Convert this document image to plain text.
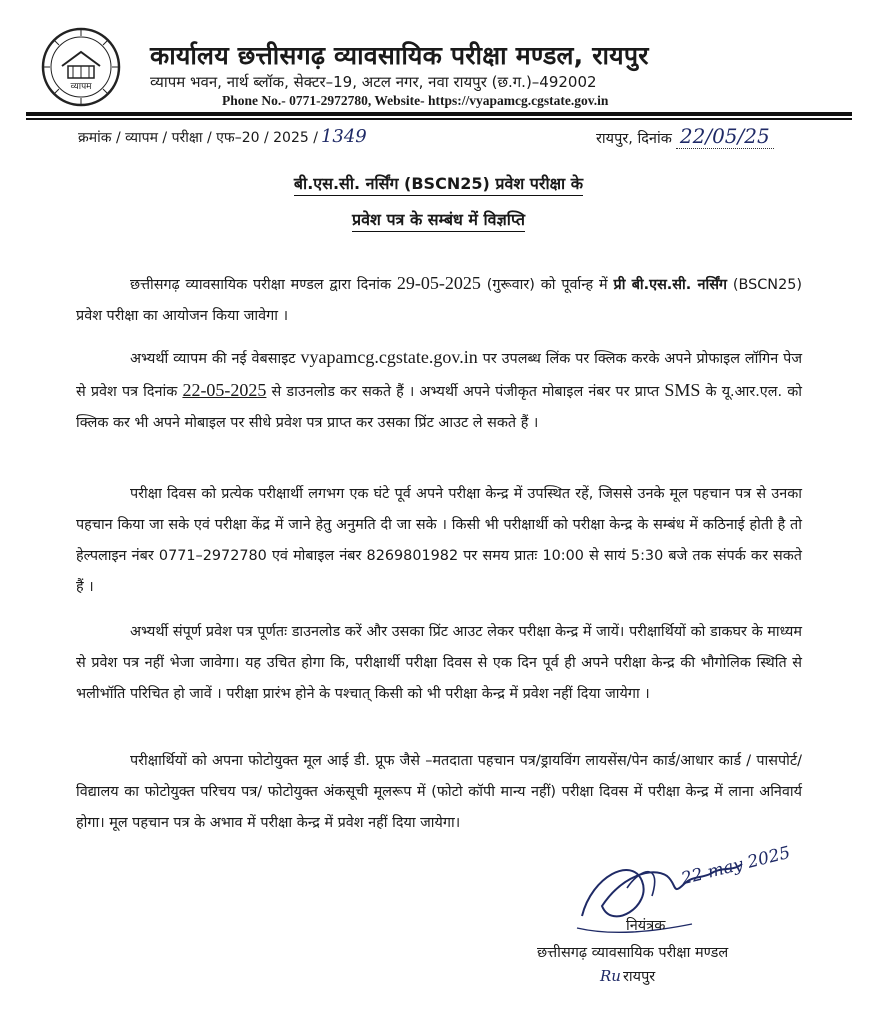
व्यापम
कार्यालय छत्तीसगढ़ व्यावसायिक परीक्षा मण्डल, रायपुर
व्यापम भवन, नार्थ ब्लॉक, सेक्टर–19, अटल नगर, नवा रायपुर (छ.ग.)–492002
Phone No.- 0771-2972780, Website- https://vyapamcg.cgstate.gov.in
क्रमांक / व्यापम / परीक्षा / एफ–20 / 2025 / 1349	रायपुर, दिनांक 22/05/25
बी.एस.सी. नर्सिंग (BSCN25) प्रवेश परीक्षा के
प्रवेश पत्र के सम्बंध में विज्ञप्ति

छत्तीसगढ़ व्यावसायिक परीक्षा मण्डल द्वारा दिनांक 29-05-2025 (गुरूवार) को पूर्वान्ह में प्री बी.एस.सी. नर्सिंग (BSCN25) प्रवेश परीक्षा का आयोजन किया जावेगा ।

अभ्यर्थी व्यापम की नई वेबसाइट vyapamcg.cgstate.gov.in पर उपलब्ध लिंक पर क्लिक करके अपने प्रोफाइल लॉगिन पेज से प्रवेश पत्र दिनांक 22-05-2025 से डाउनलोड कर सकते हैं । अभ्यर्थी अपने पंजीकृत मोबाइल नंबर पर प्राप्त SMS के यू.आर.एल. को क्लिक कर भी अपने मोबाइल पर सीधे प्रवेश पत्र प्राप्त कर उसका प्रिंट आउट ले सकते हैं ।

परीक्षा दिवस को प्रत्येक परीक्षार्थी लगभग एक घंटे पूर्व अपने परीक्षा केन्द्र में उपस्थित रहें, जिससे उनके मूल पहचान पत्र से उनका पहचान किया जा सके एवं परीक्षा केंद्र में जाने हेतु अनुमति दी जा सके । किसी भी परीक्षार्थी को परीक्षा केन्द्र के सम्बंध में कठिनाई होती है तो हेल्पलाइन नंबर 0771–2972780 एवं मोबाइल नंबर 8269801982 पर समय प्रातः 10:00 से सायं 5:30 बजे तक संपर्क कर सकते हैं ।

अभ्यर्थी संपूर्ण प्रवेश पत्र पूर्णतः डाउनलोड करें और उसका प्रिंट आउट लेकर परीक्षा केन्द्र में जायें। परीक्षार्थियों को डाकघर के माध्यम से प्रवेश पत्र नहीं भेजा जावेगा। यह उचित होगा कि, परीक्षार्थी परीक्षा दिवस से एक दिन पूर्व ही अपने परीक्षा केन्द्र की भौगोलिक स्थिति से भलीभॉति परिचित हो जावें । परीक्षा प्रारंभ होने के पश्चात् किसी को भी परीक्षा केन्द्र में प्रवेश नहीं दिया जायेगा ।

परीक्षार्थियों को अपना फोटोयुक्त मूल आई डी. प्रूफ जैसे –मतदाता पहचान पत्र/ड्रायविंग लायसेंस/पेन कार्ड/आधार कार्ड / पासपोर्ट/विद्यालय का फोटोयुक्त परिचय पत्र/ फोटोयुक्त अंकसूची मूलरूप में (फोटो कॉपी मान्य नहीं) परीक्षा दिवस में परीक्षा केन्द्र में लाना अनिवार्य होगा। मूल पहचान पत्र के अभाव में परीक्षा केन्द्र में प्रवेश नहीं दिया जायेगा।

22 may 2025
नियंत्रक
छत्तीसगढ़ व्यावसायिक परीक्षा मण्डल
Ru रायपुर
